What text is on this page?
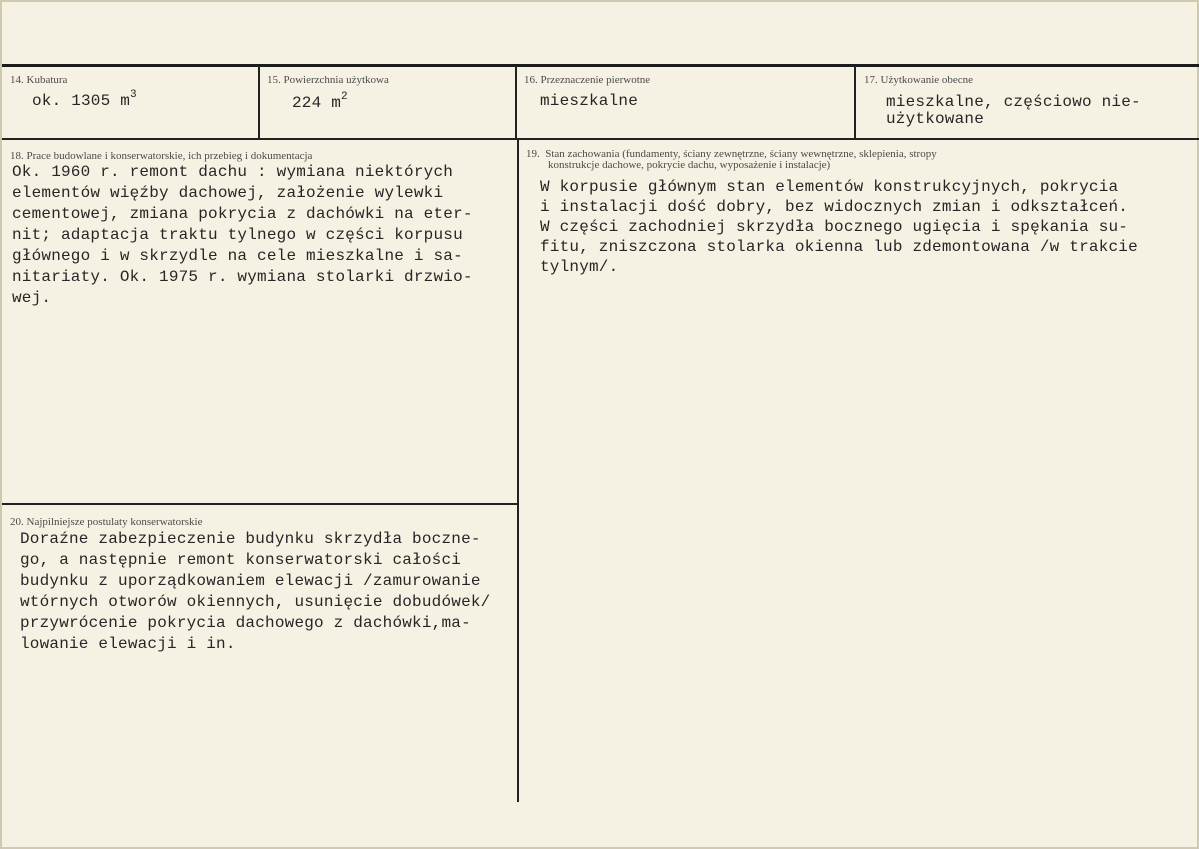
14. Kubatura
ok. 1305 $m^3$
15. Powierzchnia użytkowa
224 $m^2$
16. Przeznaczenie pierwotne
mieszkalne
17. Użytkowanie obecne
mieszkalne, częściowo nie-
użytkowane
18. Prace budowlane i konserwatorskie, ich przebieg i dokumentacja
Ok. 1960 r. remont dachu : wymiana niektórych
elementów więźby dachowej, założenie wylewki
cementowej, zmiana pokrycia z dachówki na eter-
nit; adaptacja traktu tylnego w części korpusu
głównego i w skrzydle na cele mieszkalne i sa-
nitariaty. Ok. 1975 r. wymiana stolarki drzwio-
wej.
19.  Stan zachowania (fundamenty, ściany zewnętrzne, ściany wewnętrzne, sklepienia, stropy
konstrukcje dachowe, pokrycie dachu, wyposażenie i instalacje)
W korpusie głównym stan elementów konstrukcyjnych, pokrycia
i instalacji dość dobry, bez widocznych zmian i odkształceń.
W części zachodniej skrzydła bocznego ugięcia i spękania su-
fitu, zniszczona stolarka okienna lub zdemontowana /w trakcie
tylnym/.
20. Najpilniejsze postulaty konserwatorskie
Doraźne zabezpieczenie budynku skrzydła boczne-
go, a następnie remont konserwatorski całości
budynku z uporządkowaniem elewacji /zamurowanie
wtórnych otworów okiennych, usunięcie dobudówek/
przywrócenie pokrycia dachowego z dachówki,ma-
lowanie elewacji i in.
